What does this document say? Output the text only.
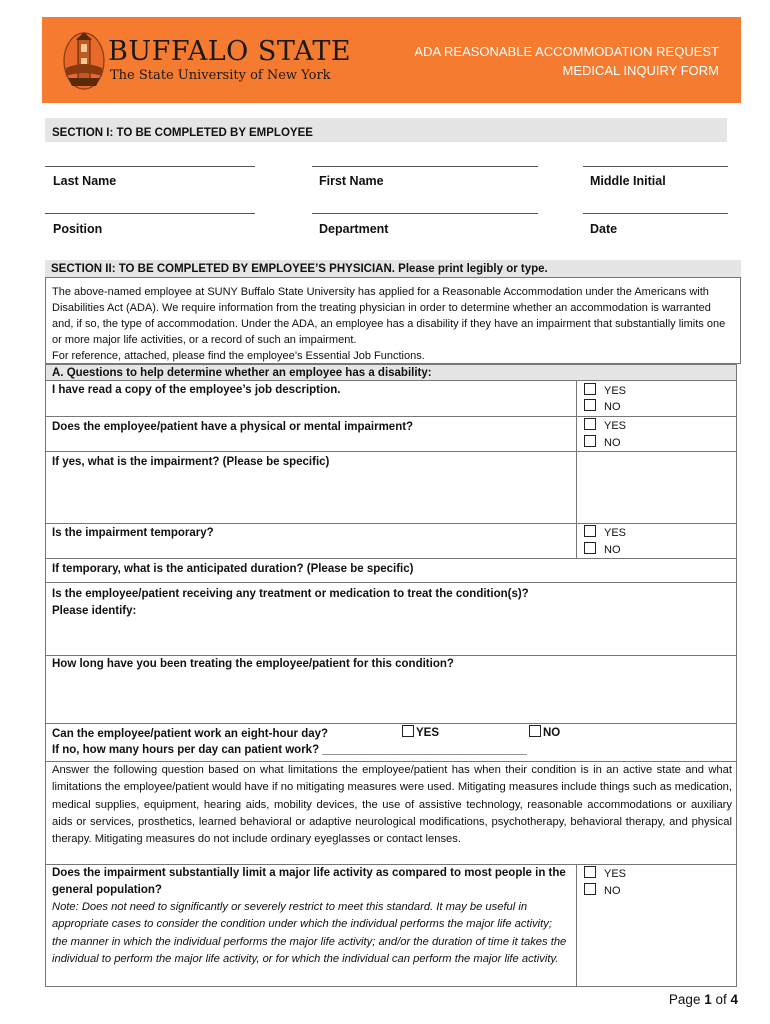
BUFFALO STATE
The State University of New York
ADA REASONABLE ACCOMMODATION REQUEST
MEDICAL INQUIRY FORM
SECTION I: TO BE COMPLETED BY EMPLOYEE
Last Name	First Name	Middle Initial
Position	Department	Date
SECTION II: TO BE COMPLETED BY EMPLOYEE’S PHYSICIAN. Please print legibly or type.
The above-named employee at SUNY Buffalo State University has applied for a Reasonable Accommodation under the Americans with Disabilities Act (ADA). We require information from the treating physician in order to determine whether an accommodation is warranted and, if so, the type of accommodation. Under the ADA, an employee has a disability if they have an impairment that substantially limits one or more major life activities, or a record of such an impairment.
For reference, attached, please find the employee’s Essential Job Functions.
A. Questions to help determine whether an employee has a disability:
I have read a copy of the employee’s job description.	YES
NO
Does the employee/patient have a physical or mental impairment?	YES
NO
If yes, what is the impairment? (Please be specific)
Is the impairment temporary?	YES
NO
If temporary, what is the anticipated duration? (Please be specific)
Is the employee/patient receiving any treatment or medication to treat the condition(s)?
Please identify:
How long have you been treating the employee/patient for this condition?
Can the employee/patient work an eight-hour day?	YES	NO
If no, how many hours per day can patient work? ________________________________
Answer the following question based on what limitations the employee/patient has when their condition is in an active state and what limitations the employee/patient would have if no mitigating measures were used. Mitigating measures include things such as medication, medical supplies, equipment, hearing aids, mobility devices, the use of assistive technology, reasonable accommodations or auxiliary aids or services, prosthetics, learned behavioral or adaptive neurological modifications, psychotherapy, behavioral therapy, and physical therapy. Mitigating measures do not include ordinary eyeglasses or contact lenses.
Does the impairment substantially limit a major life activity as compared to most people in the general population?
Note: Does not need to significantly or severely restrict to meet this standard. It may be useful in appropriate cases to consider the condition under which the individual performs the major life activity; the manner in which the individual performs the major life activity; and/or the duration of time it takes the individual to perform the major life activity, or for which the individual can perform the major life activity.
YES
NO
Page 1 of 4
